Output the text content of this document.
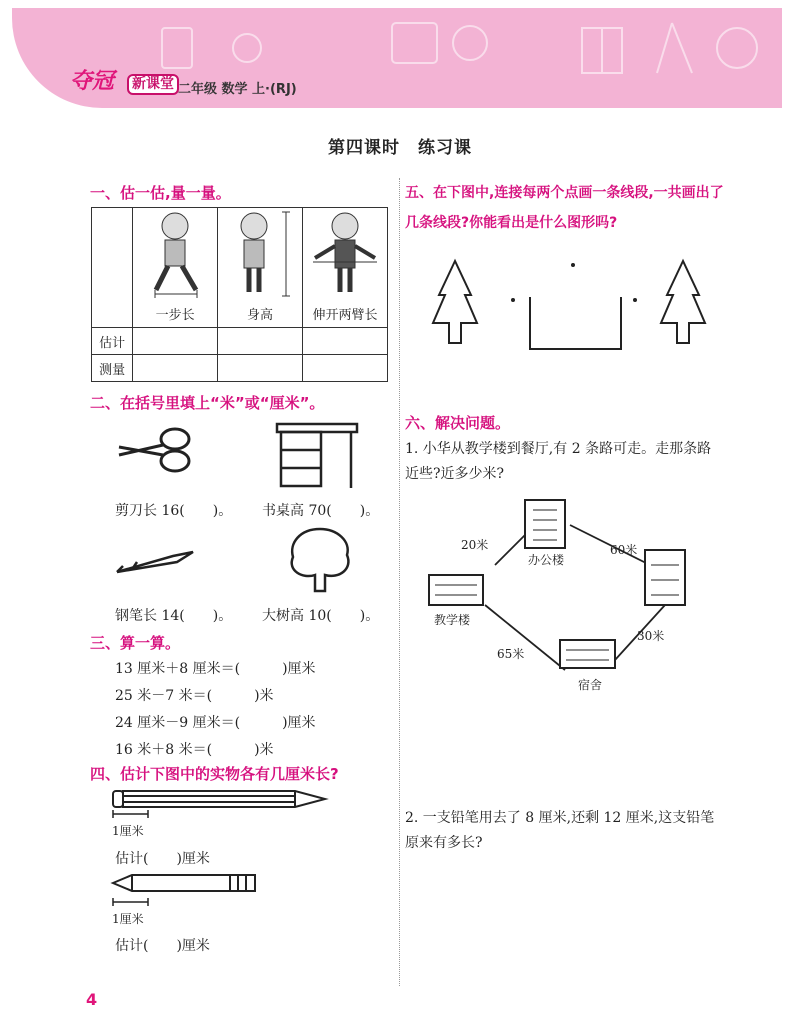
夺冠	新课堂 二年级 数学 上·(RJ)
第四课时　练习课
一、估一估,量一量。

	一步长	身高	伸开两臂长

估计			
测量			
二、在括号里填上“米”或“厘米”。
剪刀长 16(　　)。 书桌高 70(　　)。
钢笔长 14(　　)。 大树高 10(　　)。
三、算一算。
13 厘米＋8 厘米＝(　　　)厘米
25 米－7 米＝(　　　)米
24 厘米－9 厘米＝(　　　)厘米
16 米＋8 米＝(　　　)米
四、估计下图中的实物各有几厘米长?
1厘米
估计(　　)厘米
1厘米
估计(　　)厘米
五、在下图中,连接每两个点画一条线段,一共画出了几条线段?你能看出是什么图形吗?
六、解决问题。
1. 小华从教学楼到餐厅,有 2 条路可走。走那条路近些?近多少米?
办公楼
教学楼
宿舍
20米	60米
65米
30米
2. 一支铅笔用去了 8 厘米,还剩 12 厘米,这支铅笔原来有多长?
4
